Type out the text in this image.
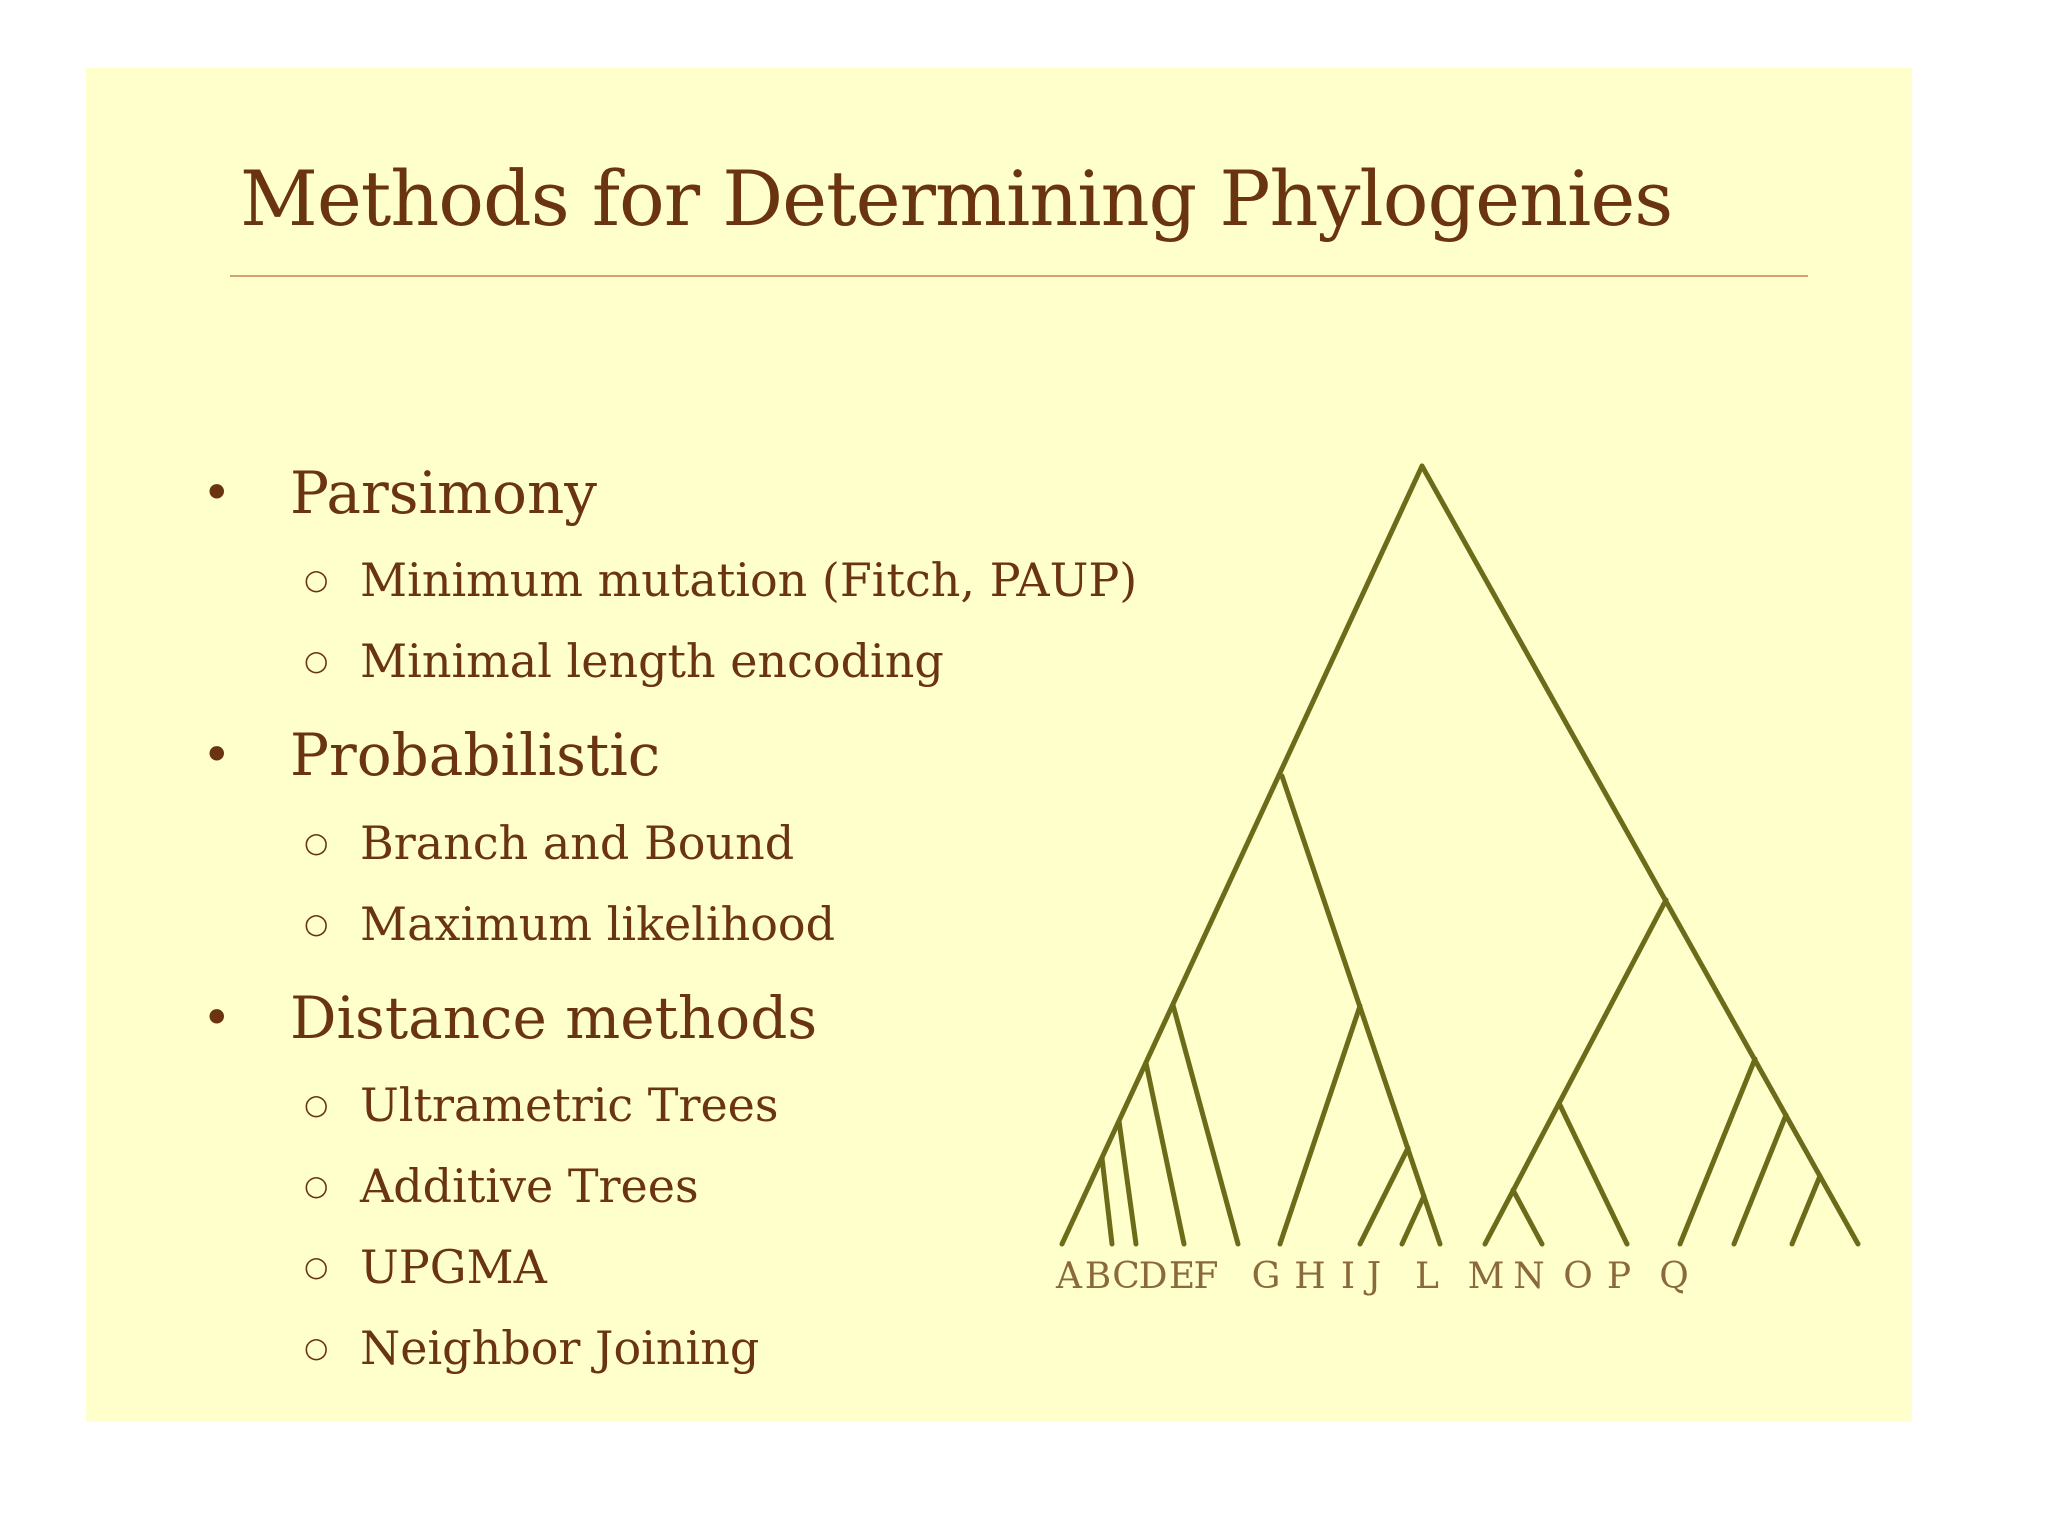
Methods for Determining Phylogenies
• Parsimony
○ Minimum mutation (Fitch, PAUP)
○ Minimal length encoding
• Probabilistic
○ Branch and Bound
○ Maximum likelihood
• Distance methods
○ Ultrametric Trees
○ Additive Trees
○ UPGMA
○ Neighbor Joining
A B C
D E
F G H I J L M N O P Q
